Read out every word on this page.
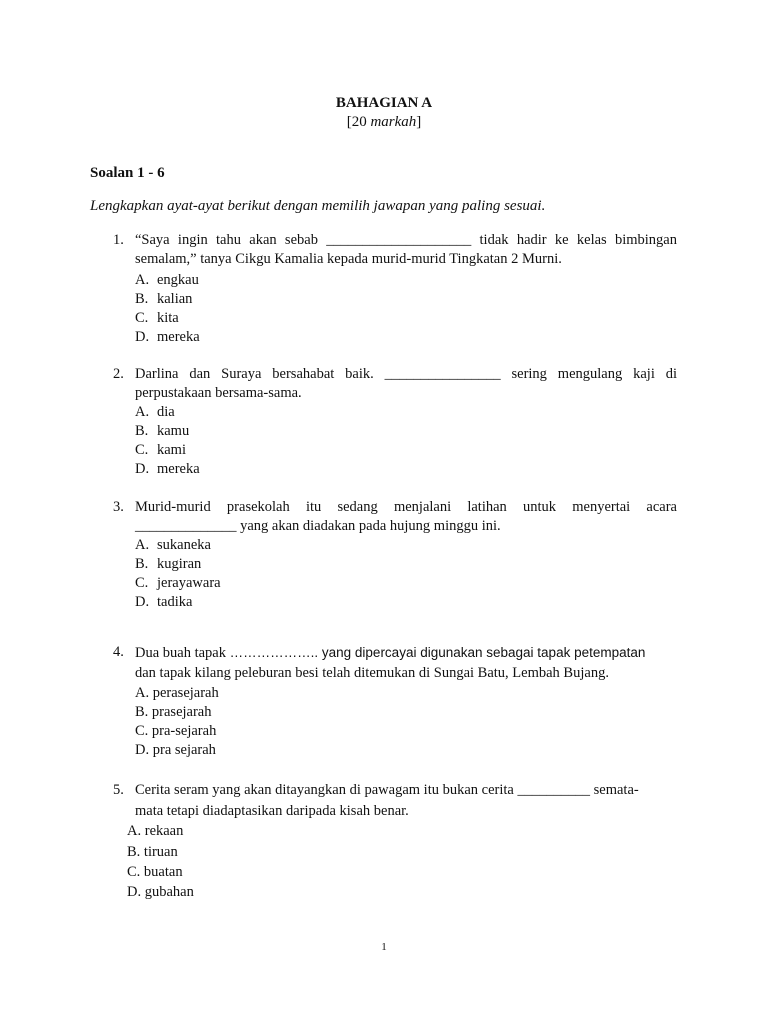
BAHAGIAN A
[20 markah]
Soalan 1 - 6
Lengkapkan ayat-ayat berikut dengan memilih jawapan yang paling sesuai.
1. “Saya ingin tahu akan sebab ____________________ tidak hadir ke kelas bimbingan
semalam,” tanya Cikgu Kamalia kepada murid-murid Tingkatan 2 Murni.
A. engkau
B. kalian
C. kita
D. mereka
2. Darlina dan Suraya bersahabat baik. ________________ sering mengulang kaji di
perpustakaan bersama-sama.
A. dia
B. kamu
C. kami
D. mereka
3. Murid-murid prasekolah itu sedang menjalani latihan untuk menyertai acara
______________ yang akan diadakan pada hujung minggu ini.
A. sukaneka
B. kugiran
C. jerayawara
D. tadika
4. Dua buah tapak ……………….. yang dipercayai digunakan sebagai tapak petempatan
dan tapak kilang peleburan besi telah ditemukan di Sungai Batu, Lembah Bujang.
A. perasejarah
B. prasejarah
C. pra-sejarah
D. pra sejarah
5. Cerita seram yang akan ditayangkan di pawagam itu bukan cerita __________ semata-
mata tetapi diadaptasikan daripada kisah benar.
A. rekaan
B. tiruan
C. buatan
D. gubahan
1
